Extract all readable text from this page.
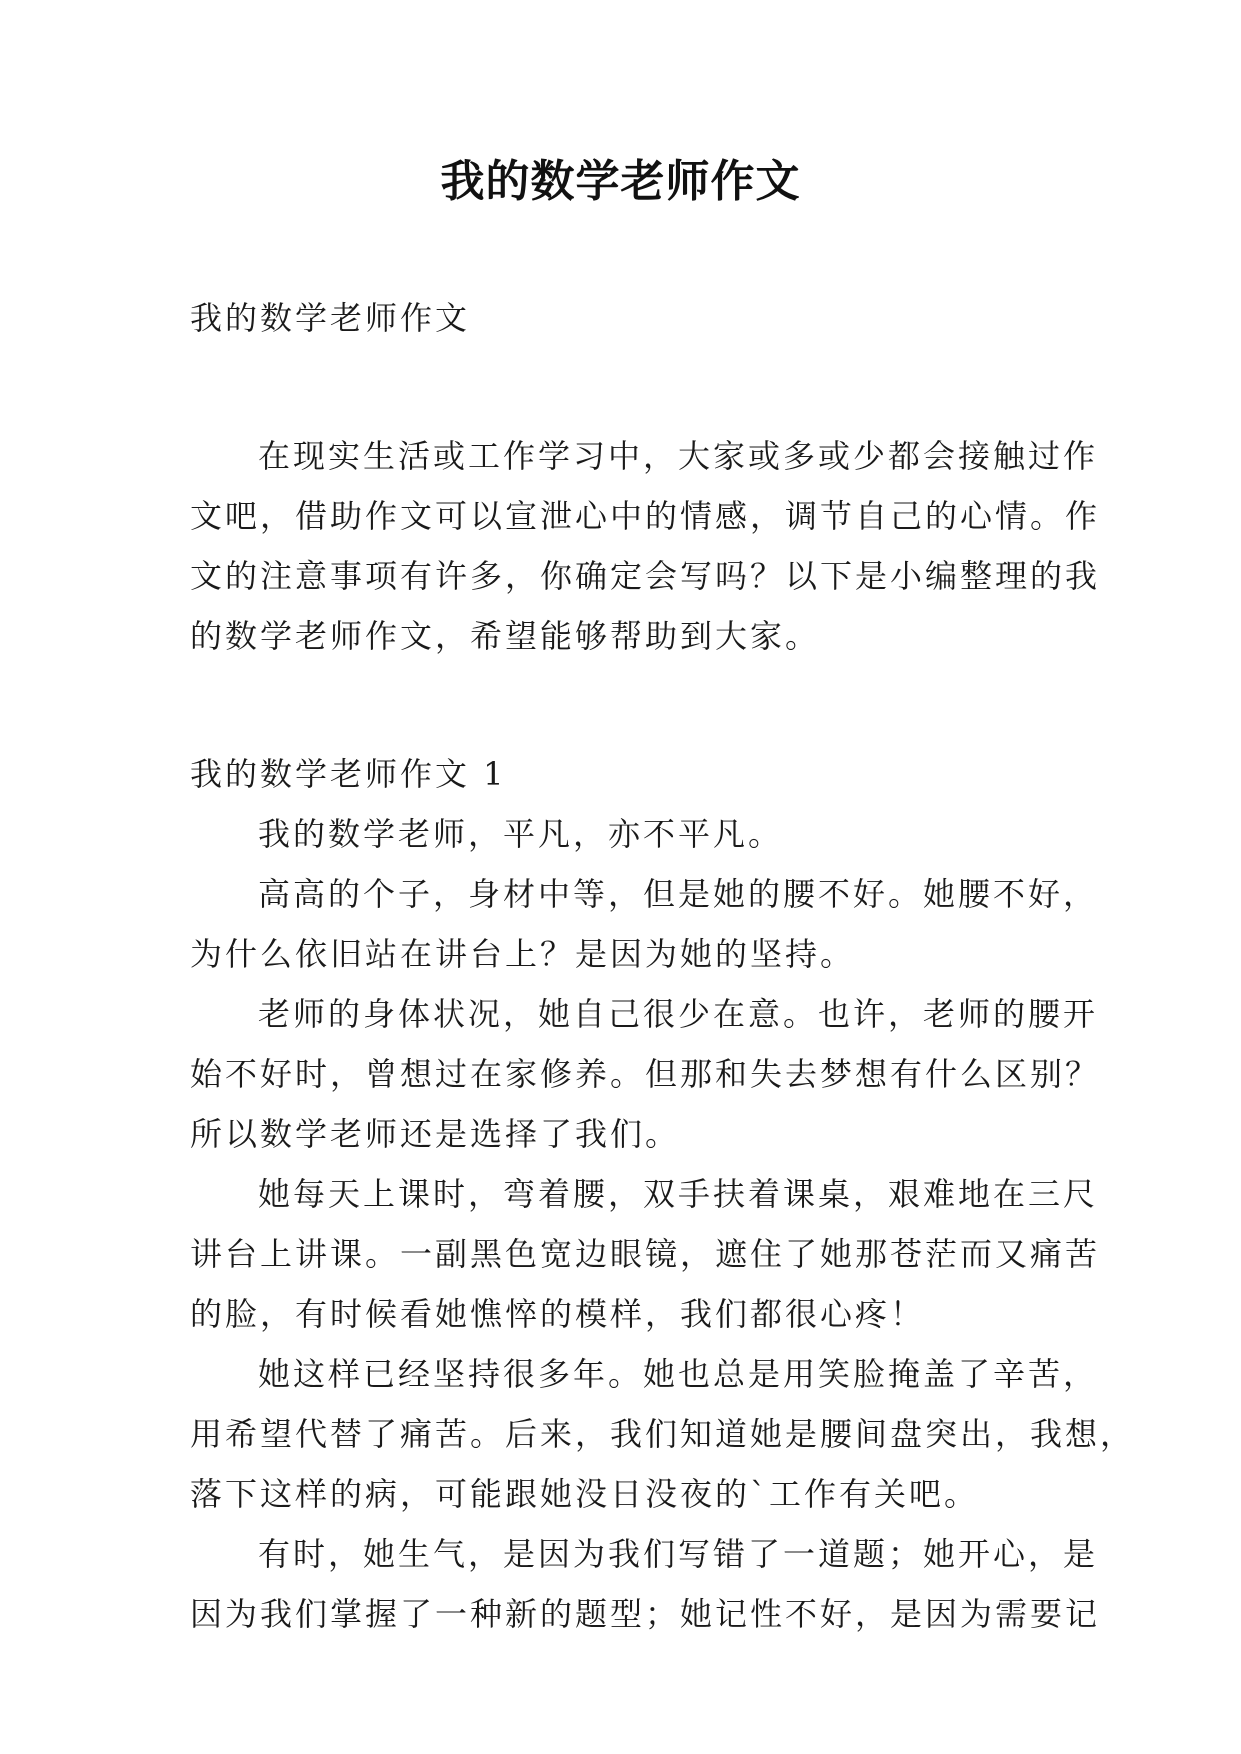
我的数学老师作文

我的数学老师作文

在现实生活或工作学习中，大家或多或少都会接触过作

文吧，借助作文可以宣泄心中的情感，调节自己的心情。作

文的注意事项有许多，你确定会写吗？以下是小编整理的我

的数学老师作文，希望能够帮助到大家。

我的数学老师作文 1

我的数学老师，平凡，亦不平凡。

高高的个子，身材中等，但是她的腰不好。她腰不好，

为什么依旧站在讲台上？是因为她的坚持。

老师的身体状况，她自己很少在意。也许，老师的腰开

始不好时，曾想过在家修养。但那和失去梦想有什么区别？

所以数学老师还是选择了我们。

她每天上课时，弯着腰，双手扶着课桌，艰难地在三尺

讲台上讲课。一副黑色宽边眼镜，遮住了她那苍茫而又痛苦

的脸，有时候看她憔悴的模样，我们都很心疼！

她这样已经坚持很多年。她也总是用笑脸掩盖了辛苦，

用希望代替了痛苦。后来，我们知道她是腰间盘突出，我想，

落下这样的病，可能跟她没日没夜的`工作有关吧。

有时，她生气，是因为我们写错了一道题；她开心，是

因为我们掌握了一种新的题型；她记性不好，是因为需要记
